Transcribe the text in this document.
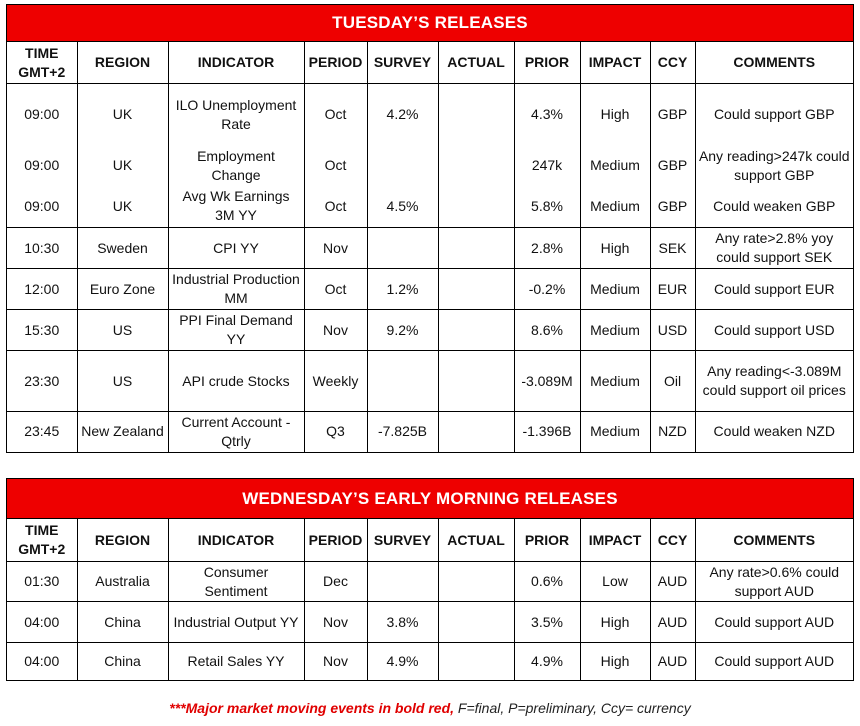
TUESDAY’S RELEASES
TIME GMT+2	REGION	INDICATOR	PERIOD	SURVEY	ACTUAL	PRIOR	IMPACT	CCY	COMMENTS
09:00	UK	ILO Unemployment Rate	Oct	4.2%		4.3%	High	GBP	Could support GBP
09:00	UK	Employment Change	Oct			247k	Medium	GBP	Any reading>247k could support GBP
09:00	UK	Avg Wk Earnings 3M YY	Oct	4.5%		5.8%	Medium	GBP	Could weaken GBP
10:30	Sweden	CPI YY	Nov			2.8%	High	SEK	Any rate>2.8% yoy could support SEK
12:00	Euro Zone	Industrial Production MM	Oct	1.2%		-0.2%	Medium	EUR	Could support EUR
15:30	US	PPI Final Demand YY	Nov	9.2%		8.6%	Medium	USD	Could support USD
23:30	US	API crude Stocks	Weekly			-3.089M	Medium	Oil	Any reading<-3.089M could support oil prices
23:45	New Zealand	Current Account - Qtrly	Q3	-7.825B		-1.396B	Medium	NZD	Could weaken NZD
WEDNESDAY’S EARLY MORNING RELEASES
TIME GMT+2	REGION	INDICATOR	PERIOD	SURVEY	ACTUAL	PRIOR	IMPACT	CCY	COMMENTS
01:30	Australia	Consumer Sentiment	Dec			0.6%	Low	AUD	Any rate>0.6% could support AUD
04:00	China	Industrial Output YY	Nov	3.8%		3.5%	High	AUD	Could support AUD
04:00	China	Retail Sales YY	Nov	4.9%		4.9%	High	AUD	Could support AUD
***Major market moving events in bold red, F=final, P=preliminary, Ccy= currency
